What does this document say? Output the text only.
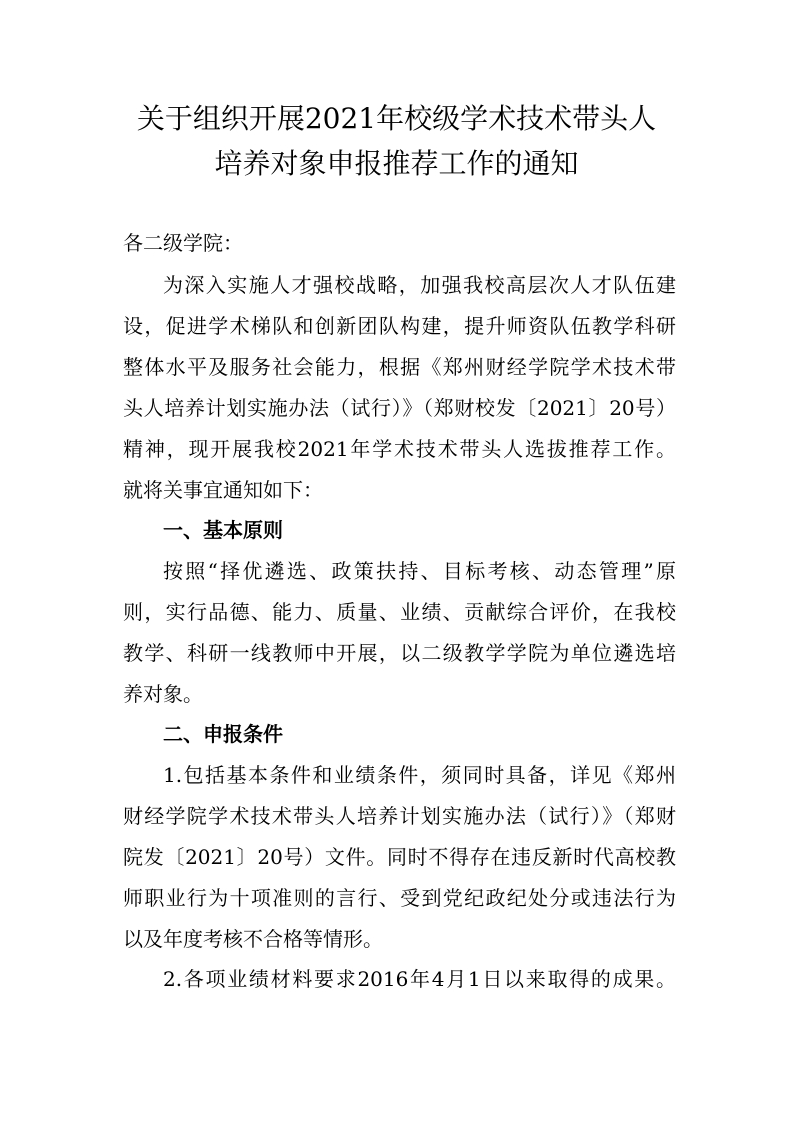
关于组织开展2021年校级学术技术带头人
培养对象申报推荐工作的通知

各二级学院：

为深入实施人才强校战略，加强我校高层次人才队伍建

设，促进学术梯队和创新团队构建，提升师资队伍教学科研

整体水平及服务社会能力，根据《郑州财经学院学术技术带

头人培养计划实施办法（试行）》（郑财校发〔2021〕20号）

精神，现开展我校2021年学术技术带头人选拔推荐工作。

就将关事宜通知如下：

一、基本原则

按照“择优遴选、政策扶持、目标考核、动态管理”原

则，实行品德、能力、质量、业绩、贡献综合评价，在我校

教学、科研一线教师中开展，以二级教学学院为单位遴选培

养对象。

二、申报条件

1.包括基本条件和业绩条件，须同时具备，详见《郑州

财经学院学术技术带头人培养计划实施办法（试行）》（郑财

院发〔2021〕20号）文件。同时不得存在违反新时代高校教

师职业行为十项准则的言行、受到党纪政纪处分或违法行为

以及年度考核不合格等情形。

2.各项业绩材料要求2016年4月1日以来取得的成果。
